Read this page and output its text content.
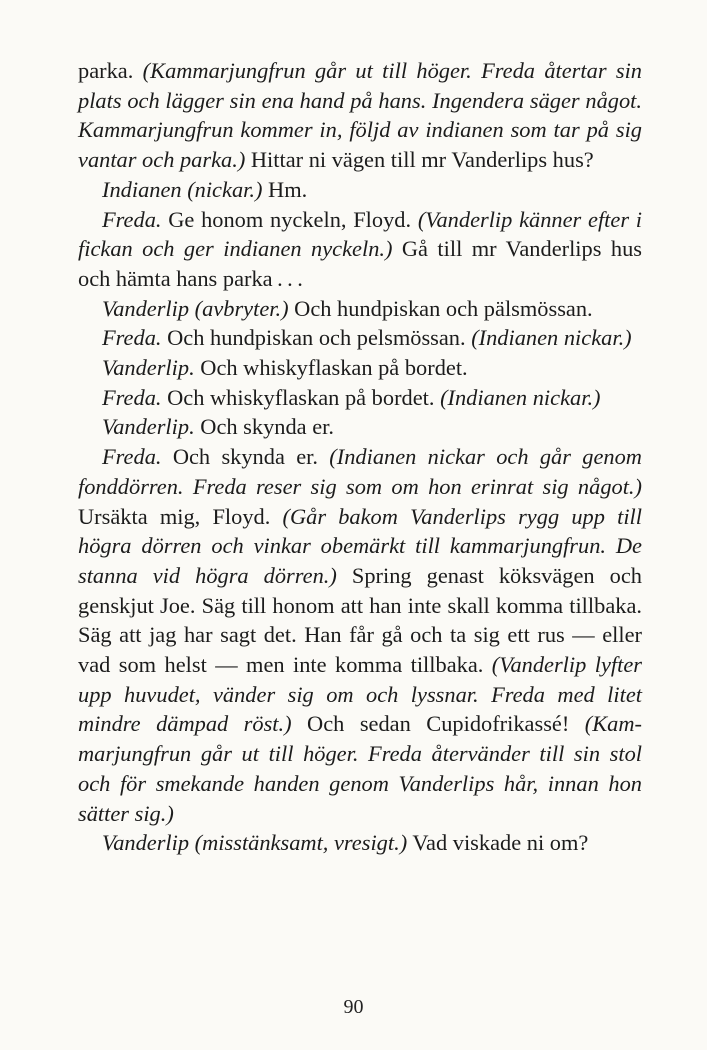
parka. (Kammarjungfrun går ut till höger. Freda återtar sin plats och lägger sin ena hand på hans. Ingendera säger något. Kammarjungfrun kommer in, följd av indianen som tar på sig vantar och parka.) Hittar ni vägen till mr Vanderlips hus?

Indianen (nickar.) Hm.

Freda. Ge honom nyckeln, Floyd. (Vanderlip känner efter i fickan och ger indianen nyckeln.) Gå till mr Vanderlips hus och hämta hans parka . . .

Vanderlip (avbryter.) Och hundpiskan och pälsmössan.

Freda. Och hundpiskan och pelsmössan. (Indianen nickar.)

Vanderlip. Och whiskyflaskan på bordet.

Freda. Och whiskyflaskan på bordet. (Indianen nickar.)

Vanderlip. Och skynda er.

Freda. Och skynda er. (Indianen nickar och går genom fonddörren. Freda reser sig som om hon erinrat sig något.) Ursäkta mig, Floyd. (Går bakom Vanderlips rygg upp till högra dörren och vinkar obemärkt till kammarjungfrun. De stanna vid högra dörren.) Spring genast köksvägen och genskjut Joe. Säg till honom att han inte skall komma tillbaka. Säg att jag har sagt det. Han får gå och ta sig ett rus — eller vad som helst — men inte komma tillbaka. (Vanderlip lyfter upp huvudet, vänder sig om och lyssnar. Freda med litet mindre dämpad röst.) Och sedan Cupidofrikassé! (Kammarjungfrun går ut till höger. Freda återvänder till sin stol och för smekande handen genom Vanderlips hår, innan hon sätter sig.)

Vanderlip (misstänksamt, vresigt.) Vad viskade ni om?

90
